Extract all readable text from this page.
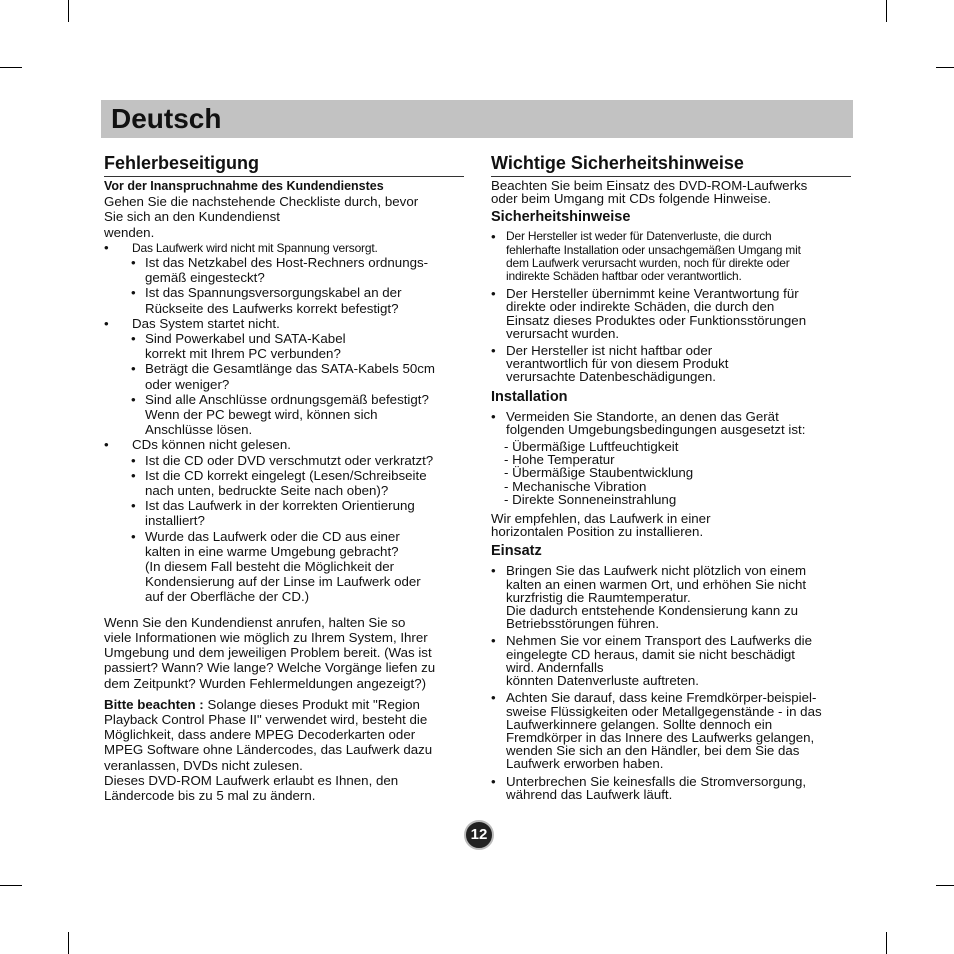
Deutsch
Fehlerbeseitigung
Vor der Inanspruchnahme des Kundendienstes
Gehen Sie die nachstehende Checkliste durch, bevor
Sie sich an den Kundendienst
wenden.
• Das Laufwerk wird nicht mit Spannung versorgt.
• Ist das Netzkabel des Host-Rechners ordnungs-
gemäß eingesteckt?
• Ist das Spannungsversorgungskabel an der
Rückseite des Laufwerks korrekt befestigt?
• Das System startet nicht.
• Sind Powerkabel und SATA-Kabel
korrekt mit Ihrem PC verbunden?
• Beträgt die Gesamtlänge das SATA-Kabels 50cm
oder weniger?
• Sind alle Anschlüsse ordnungsgemäß befestigt?
Wenn der PC bewegt wird, können sich
Anschlüsse lösen.
• CDs können nicht gelesen.
• Ist die CD oder DVD verschmutzt oder verkratzt?
• Ist die CD korrekt eingelegt (Lesen/Schreibseite
nach unten, bedruckte Seite nach oben)?
• Ist das Laufwerk in der korrekten Orientierung
installiert?
• Wurde das Laufwerk oder die CD aus einer
kalten in eine warme Umgebung gebracht?
(In diesem Fall besteht die Möglichkeit der
Kondensierung auf der Linse im Laufwerk oder
auf der Oberfläche der CD.)
Wenn Sie den Kundendienst anrufen, halten Sie so
viele Informationen wie möglich zu Ihrem System, Ihrer
Umgebung und dem jeweiligen Problem bereit. (Was ist
passiert? Wann? Wie lange? Welche Vorgänge liefen zu
dem Zeitpunkt? Wurden Fehlermeldungen angezeigt?)
Bitte beachten : Solange dieses Produkt mit "Region
Playback Control Phase II" verwendet wird, besteht die
Möglichkeit, dass andere MPEG Decoderkarten oder
MPEG Software ohne Ländercodes, das Laufwerk dazu
veranlassen, DVDs nicht zulesen.
Dieses DVD-ROM Laufwerk erlaubt es Ihnen, den
Ländercode bis zu 5 mal zu ändern.
Wichtige Sicherheitshinweise
Beachten Sie beim Einsatz des DVD-ROM-Laufwerks
oder beim Umgang mit CDs folgende Hinweise.
Sicherheitshinweise
• Der Hersteller ist weder für Datenverluste, die durch
fehlerhafte Installation oder unsachgemäßen Umgang mit
dem Laufwerk verursacht wurden, noch für direkte oder
indirekte Schäden haftbar oder verantwortlich.
• Der Hersteller übernimmt keine Verantwortung für
direkte oder indirekte Schäden, die durch den
Einsatz dieses Produktes oder Funktionsstörungen
verursacht wurden.
• Der Hersteller ist nicht haftbar oder
verantwortlich für von diesem Produkt
verursachte Datenbeschädigungen.
Installation
• Vermeiden Sie Standorte, an denen das Gerät
folgenden Umgebungsbedingungen ausgesetzt ist:
- Übermäßige Luftfeuchtigkeit
- Hohe Temperatur
- Übermäßige Staubentwicklung
- Mechanische Vibration
- Direkte Sonneneinstrahlung
Wir empfehlen, das Laufwerk in einer
horizontalen Position zu installieren.
Einsatz
• Bringen Sie das Laufwerk nicht plötzlich von einem
kalten an einen warmen Ort, und erhöhen Sie nicht
kurzfristig die Raumtemperatur.
Die dadurch entstehende Kondensierung kann zu
Betriebsstörungen führen.
• Nehmen Sie vor einem Transport des Laufwerks die
eingelegte CD heraus, damit sie nicht beschädigt
wird. Andernfalls
könnten Datenverluste auftreten.
• Achten Sie darauf, dass keine Fremdkörper-beispiel-
sweise Flüssigkeiten oder Metallgegenstände - in das
Laufwerkinnere gelangen. Sollte dennoch ein
Fremdkörper in das Innere des Laufwerks gelangen,
wenden Sie sich an den Händler, bei dem Sie das
Laufwerk erworben haben.
• Unterbrechen Sie keinesfalls die Stromversorgung,
während das Laufwerk läuft.
12
